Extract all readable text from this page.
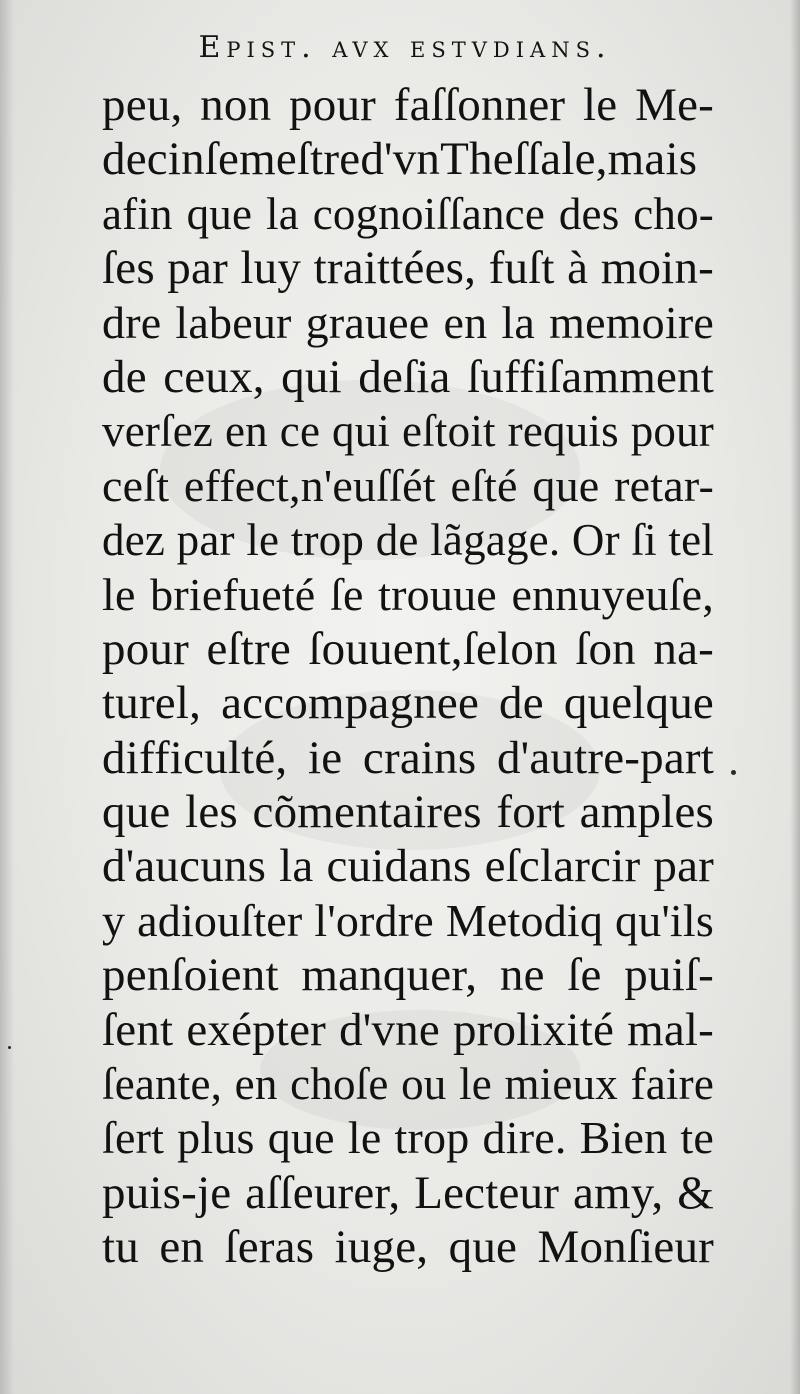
Epist. avx estvdians.
peu, non pour faſſonner le Me-
decinſemeſtred'vnTheſſale,mais
afin que la cognoiſſance des cho-
ſes par luy traittées, fuſt à moin-
dre labeur grauee en la memoire
de ceux, qui deſia ſuffiſamment
verſez en ce qui eſtoit requis pour
ceſt effect,n'euſſét eſté que retar-
dez par le trop de lãgage. Or ſi tel
le briefueté ſe trouue ennuyeuſe,
pour eſtre ſouuent,ſelon ſon na-
turel, accompagnee de quelque
difficulté, ie crains d'autre-part
que les cõmentaires fort amples
d'aucuns la cuidans eſclarcir par
y adiouſter l'ordre Metodiq qu'ils
penſoient manquer, ne ſe puiſ-
ſent exépter d'vne prolixité mal-
ſeante, en choſe ou le mieux faire
ſert plus que le trop dire. Bien te
puis-je aſſeurer, Lecteur amy, &
tu en ſeras iuge, que Monſieur
